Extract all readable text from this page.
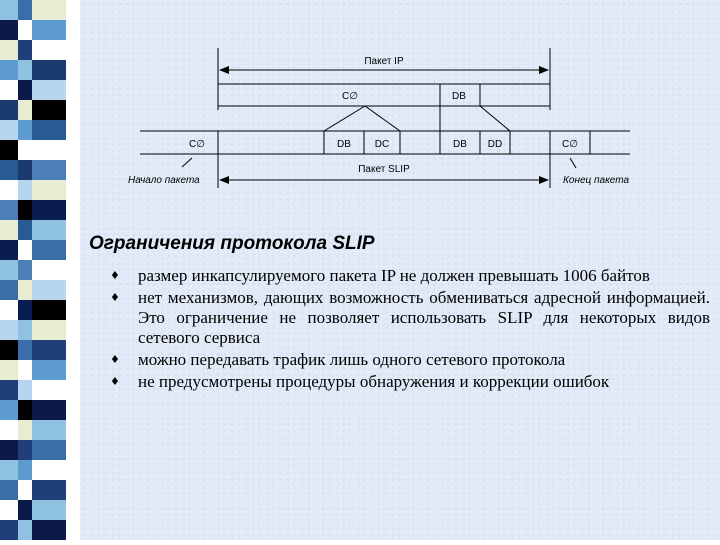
Пакет IP
C∅	DB
C∅	DB DC	DB DD	C∅
Пакет SLIP
Начало пакета	Конец пакета
Ограничения протокола SLIP
♦ размер инкапсулируемого пакета IP не должен превышать 1006 байтов
♦ нет механизмов, дающих возможность обмениваться адресной информацией. Это ограничение не позволяет использовать SLIP для некоторых видов сетевого сервиса
♦ можно передавать трафик лишь одного сетевого протокола
♦ не предусмотрены процедуры обнаружения и коррекции ошибок
